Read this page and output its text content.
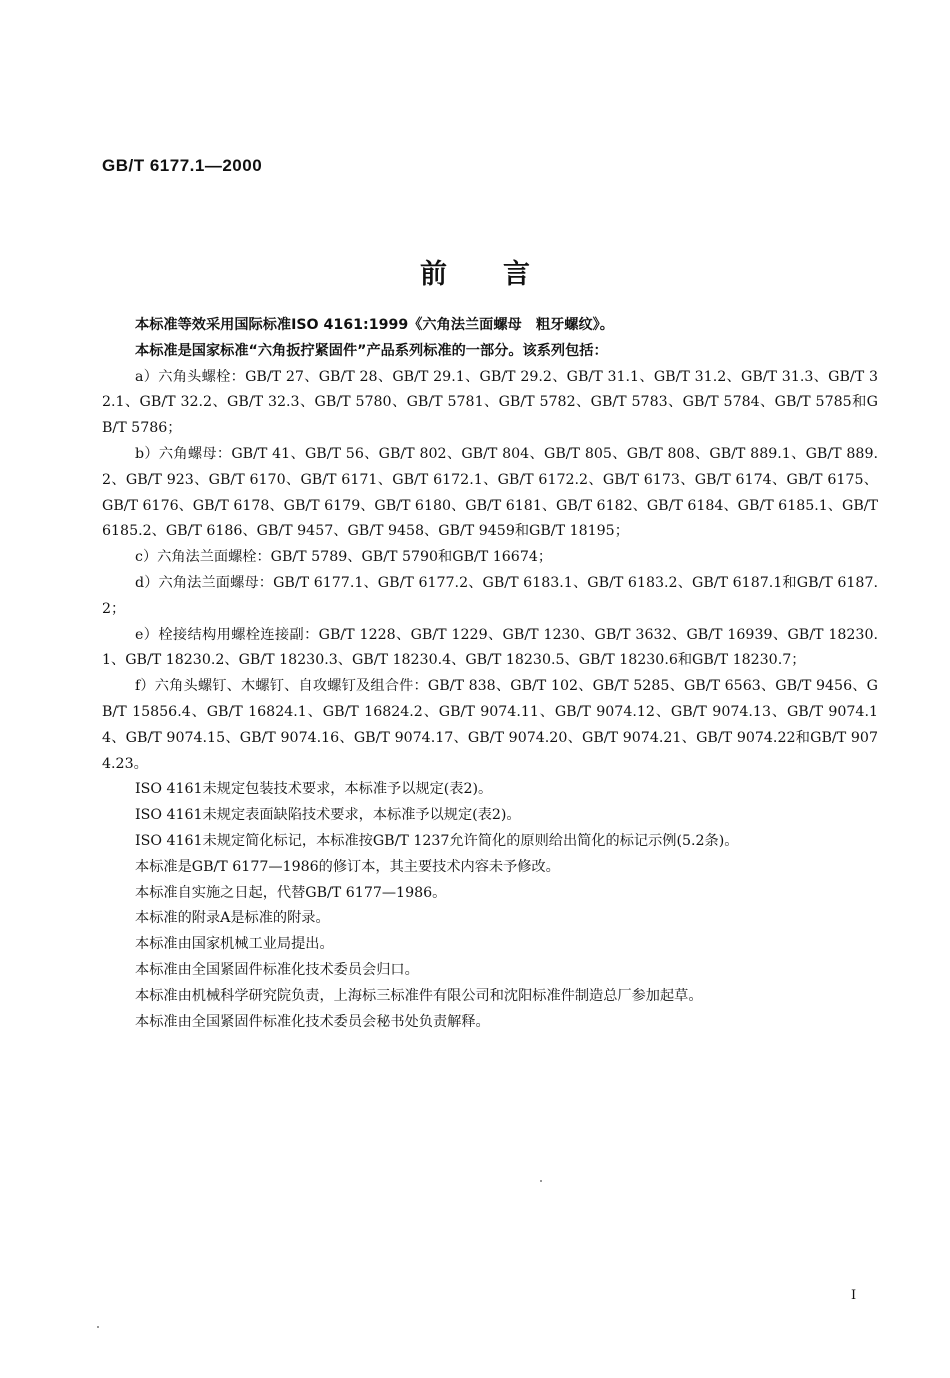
GB/T 6177.1—2000
前言

本标准等效采用国际标准ISO 4161:1999《六角法兰面螺母　粗牙螺纹》。

本标准是国家标准“六角扳拧紧固件”产品系列标准的一部分。该系列包括：

a）六角头螺栓：GB/T 27、GB/T 28、GB/T 29.1、GB/T 29.2、GB/T 31.1、GB/T 31.2、GB/T 31.3、GB/T 32.1、GB/T 32.2、GB/T 32.3、GB/T 5780、GB/T 5781、GB/T 5782、GB/T 5783、GB/T 5784、GB/T 5785和GB/T 5786；

b）六角螺母：GB/T 41、GB/T 56、GB/T 802、GB/T 804、GB/T 805、GB/T 808、GB/T 889.1、GB/T 889.2、GB/T 923、GB/T 6170、GB/T 6171、GB/T 6172.1、GB/T 6172.2、GB/T 6173、GB/T 6174、GB/T 6175、GB/T 6176、GB/T 6178、GB/T 6179、GB/T 6180、GB/T 6181、GB/T 6182、GB/T 6184、GB/T 6185.1、GB/T 6185.2、GB/T 6186、GB/T 9457、GB/T 9458、GB/T 9459和GB/T 18195；

c）六角法兰面螺栓：GB/T 5789、GB/T 5790和GB/T 16674；

d）六角法兰面螺母：GB/T 6177.1、GB/T 6177.2、GB/T 6183.1、GB/T 6183.2、GB/T 6187.1和GB/T 6187.2；

e）栓接结构用螺栓连接副：GB/T 1228、GB/T 1229、GB/T 1230、GB/T 3632、GB/T 16939、GB/T 18230.1、GB/T 18230.2、GB/T 18230.3、GB/T 18230.4、GB/T 18230.5、GB/T 18230.6和GB/T 18230.7；

f）六角头螺钉、木螺钉、自攻螺钉及组合件：GB/T 838、GB/T 102、GB/T 5285、GB/T 6563、GB/T 9456、GB/T 15856.4、GB/T 16824.1、GB/T 16824.2、GB/T 9074.11、GB/T 9074.12、GB/T 9074.13、GB/T 9074.14、GB/T 9074.15、GB/T 9074.16、GB/T 9074.17、GB/T 9074.20、GB/T 9074.21、GB/T 9074.22和GB/T 9074.23。

ISO 4161未规定包装技术要求，本标准予以规定(表2)。

ISO 4161未规定表面缺陷技术要求，本标准予以规定(表2)。

ISO 4161未规定简化标记，本标准按GB/T 1237允许简化的原则给出简化的标记示例(5.2条)。

本标准是GB/T 6177—1986的修订本，其主要技术内容未予修改。

本标准自实施之日起，代替GB/T 6177—1986。

本标准的附录A是标准的附录。

本标准由国家机械工业局提出。

本标准由全国紧固件标准化技术委员会归口。

本标准由机械科学研究院负责，上海标三标准件有限公司和沈阳标准件制造总厂参加起草。

本标准由全国紧固件标准化技术委员会秘书处负责解释。

I
